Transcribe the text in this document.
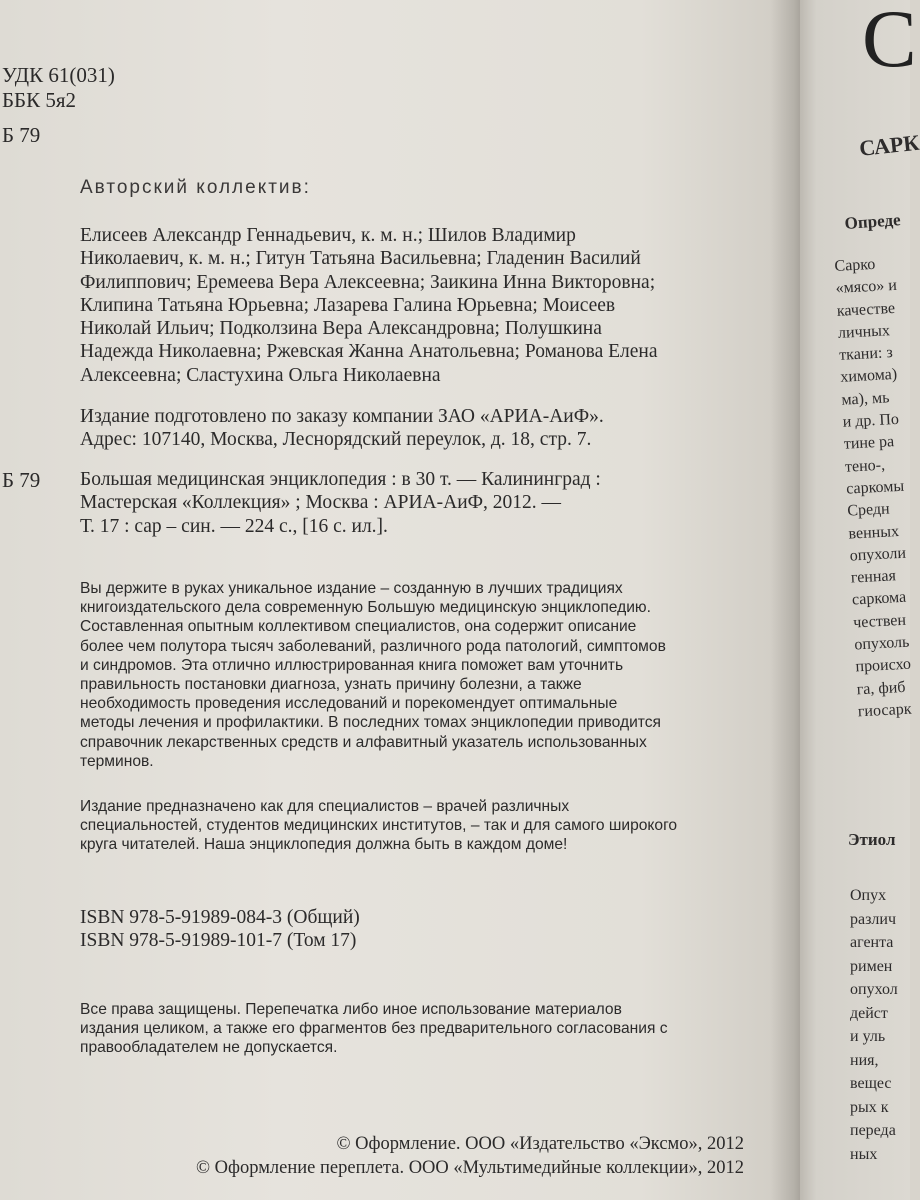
УДК 61(031)
ББК 5я2
Б 79
Авторский коллектив:
Елисеев Александр Геннадьевич, к. м. н.; Шилов Владимир
Николаевич, к. м. н.; Гитун Татьяна Васильевна; Гладенин Василий
Филиппович; Еремеева Вера Алексеевна; Заикина Инна Викторовна;
Клипина Татьяна Юрьевна; Лазарева Галина Юрьевна; Моисеев
Николай Ильич; Подколзина Вера Александровна; Полушкина
Надежда Николаевна; Ржевская Жанна Анатольевна; Романова Елена
Алексеевна; Сластухина Ольга Николаевна
Издание подготовлено по заказу компании ЗАО «АРИА-АиФ».
Адрес: 107140, Москва, Леснорядский переулок, д. 18, стр. 7.
Б 79 Большая медицинская энциклопедия : в 30 т. — Калининград :
Мастерская «Коллекция» ; Москва : АРИА-АиФ, 2012. —
Т. 17 : сар – син. — 224 с., [16 с. ил.].
Вы держите в руках уникальное издание – созданную в лучших традициях
книгоиздательского дела современную Большую медицинскую энциклопедию.
Составленная опытным коллективом специалистов, она содержит описание
более чем полутора тысяч заболеваний, различного рода патологий, симптомов
и синдромов. Эта отлично иллюстрированная книга поможет вам уточнить
правильность постановки диагноза, узнать причину болезни, а также
необходимость проведения исследований и порекомендует оптимальные
методы лечения и профилактики. В последних томах энциклопедии приводится
справочник лекарственных средств и алфавитный указатель использованных
терминов.
Издание предназначено как для специалистов – врачей различных
специальностей, студентов медицинских институтов, – так и для самого широкого
круга читателей. Наша энциклопедия должна быть в каждом доме!
ISBN 978-5-91989-084-3 (Общий)
ISBN 978-5-91989-101-7 (Том 17)
Все права защищены. Перепечатка либо иное использование материалов
издания целиком, а также его фрагментов без предварительного согласования с
правообладателем не допускается.
© Оформление. ООО «Издательство «Эксмо», 2012
© Оформление переплета. ООО «Мультимедийные коллекции», 2012
С
САРК
Опреде
Сарко
«мясо» и
качестве
личных
ткани: з
химома)
ма), мь
и др. По
тине ра
тено-,
саркомы
Средн
венных
опухоли
генная
саркома
чествен
опухоль
происхо
га, фиб
гиосарк
Этиол
Опух
различ
агента
римен
опухол
дейст
и уль
ния,
вещес
рых к
переда
ных
